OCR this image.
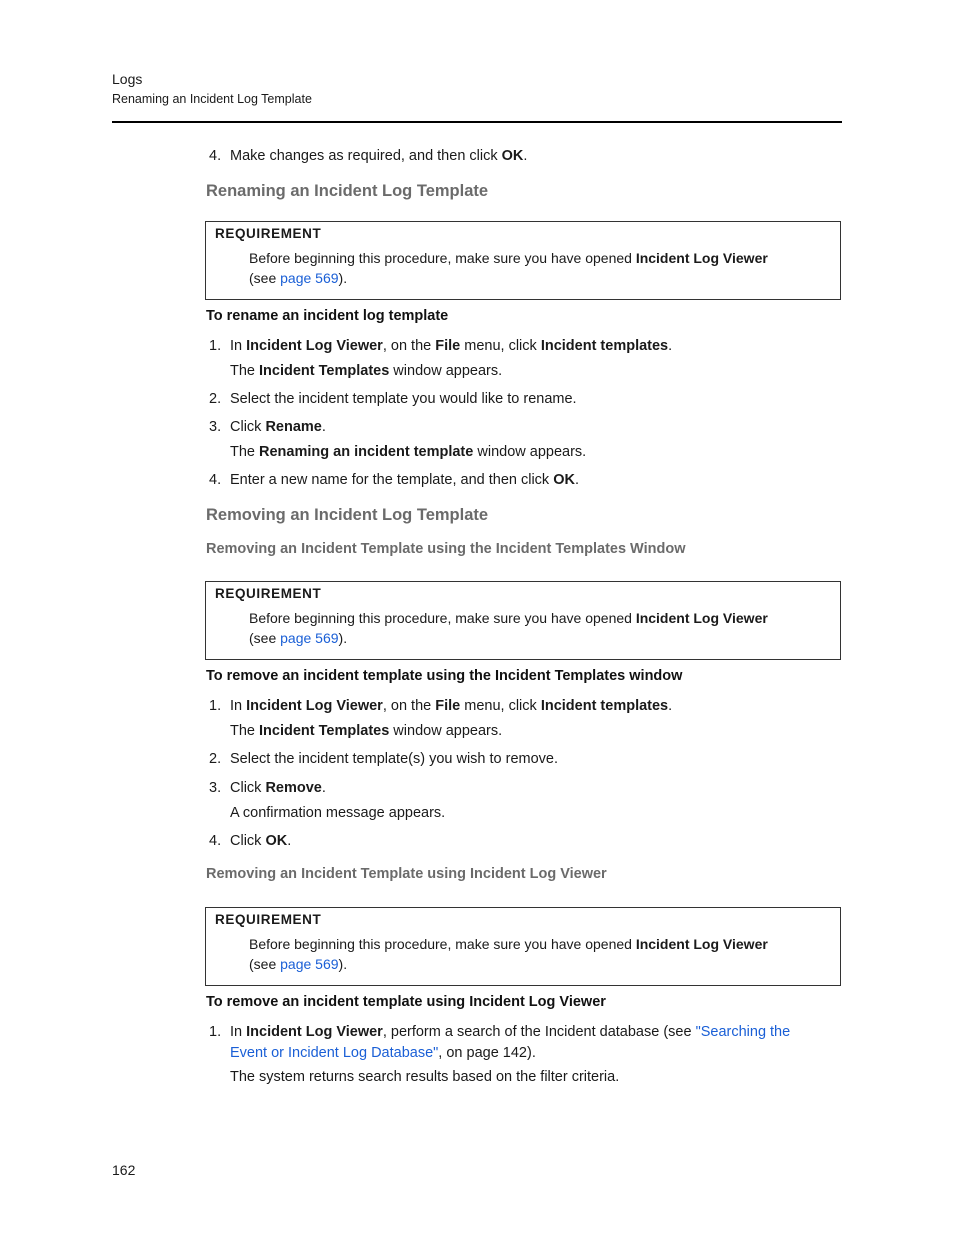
Logs
Renaming an Incident Log Template
4. Make changes as required, and then click OK.
Renaming an Incident Log Template
REQUIREMENT
Before beginning this procedure, make sure you have opened Incident Log Viewer
(see page 569).
To rename an incident log template
1. In Incident Log Viewer, on the File menu, click Incident templates.
The Incident Templates window appears.
2. Select the incident template you would like to rename.
3. Click Rename.
The Renaming an incident template window appears.
4. Enter a new name for the template, and then click OK.
Removing an Incident Log Template
Removing an Incident Template using the Incident Templates Window
REQUIREMENT
Before beginning this procedure, make sure you have opened Incident Log Viewer
(see page 569).
To remove an incident template using the Incident Templates window
1. In Incident Log Viewer, on the File menu, click Incident templates.
The Incident Templates window appears.
2. Select the incident template(s) you wish to remove.
3. Click Remove.
A confirmation message appears.
4. Click OK.
Removing an Incident Template using Incident Log Viewer
REQUIREMENT
Before beginning this procedure, make sure you have opened Incident Log Viewer
(see page 569).
To remove an incident template using Incident Log Viewer
1. In Incident Log Viewer, perform a search of the Incident database (see "Searching the
Event or Incident Log Database", on page 142).
The system returns search results based on the filter criteria.
162
